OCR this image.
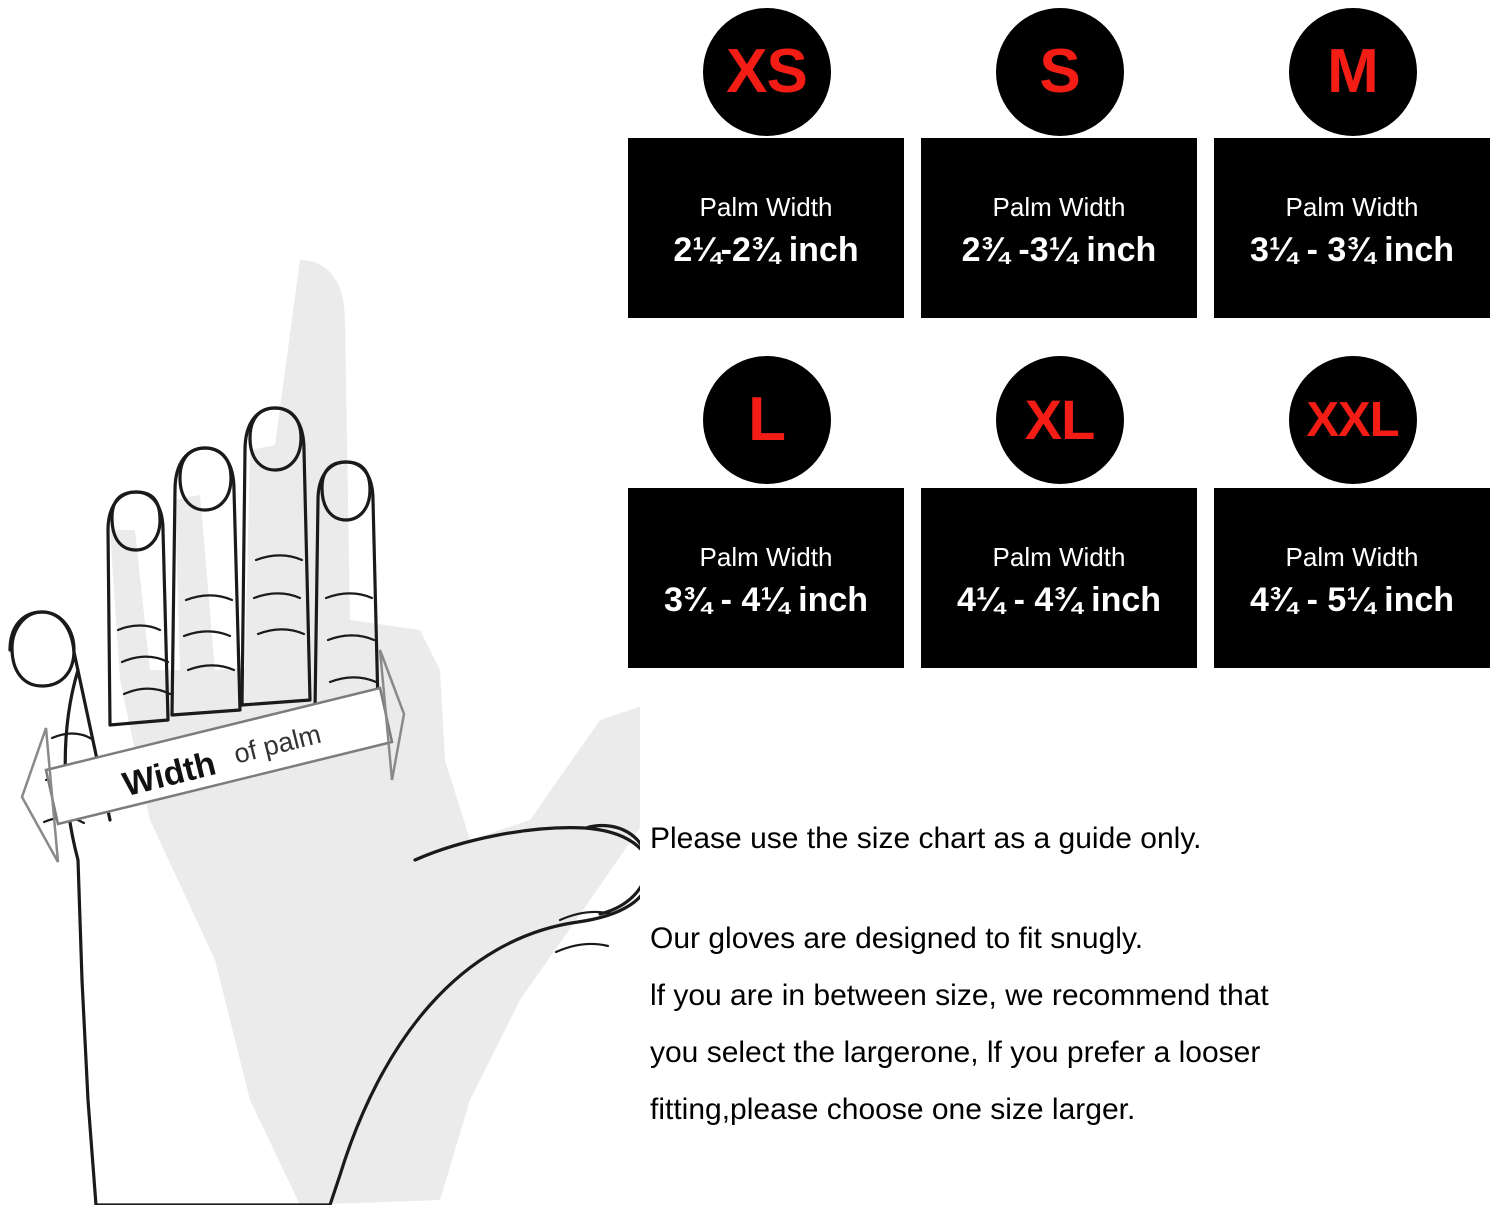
Width
of palm
XS
Palm Width
2¼-2¾ inch
S
Palm Width
2¾ -3¼ inch
M
Palm Width
3¼ - 3¾ inch
L
Palm Width
3¾ - 4¼ inch
XL
Palm Width
4¼ - 4¾ inch
XXL
Palm Width
4¾ - 5¼ inch

Please use the size chart as a guide only.

Our gloves are designed to fit snugly.

lf you are in between size, we recommend that

you select the largerone, lf you prefer a looser

fitting,please choose one size larger.
